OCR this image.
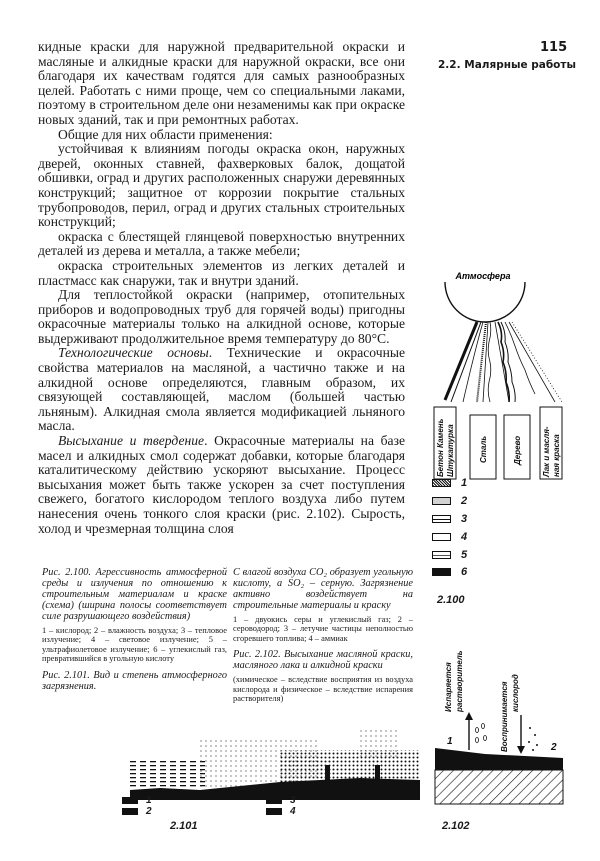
115
2.2. Малярные работы

кидные краски для наружной предварительной окраски и масляные и алкидные краски для наружной окраски, все они благодаря их качествам годятся для самых разнообразных целей. Работать с ними проще, чем со специальными лаками, поэтому в строительном деле они незаменимы как при окраске новых зданий, так и при ремонтных работах.

Общие для них области применения:

устойчивая к влияниям погоды окраска окон, наружных дверей, оконных ставней, фахверковых балок, дощатой обшивки, оград и других расположенных снаружи деревянных конструкций; защитное от коррозии покрытие стальных трубопроводов, перил, оград и других стальных строительных конструкций;

окраска с блестящей глянцевой поверхностью внутренних деталей из дерева и металла, а также мебели;

окраска строительных элементов из легких деталей и пластмасс как снаружи, так и внутри зданий.

Для теплостойкой окраски (например, отопительных приборов и водопроводных труб для горячей воды) пригодны окрасочные материалы только на алкидной основе, которые выдерживают продолжительное время температуру до 80°С.

Технологические основы. Технические и окрасочные свойства материалов на масляной, а частично также и на алкидной основе определяются, главным образом, их связующей составляющей, маслом (большей частью льняным). Алкидная смола является модификацией льняного масла.

Высыхание и твердение. Окрасочные материалы на базе масел и алкидных смол содержат добавки, которые благодаря каталитическому действию ускоряют высыхание. Процесс высыхания может быть также ускорен за счет поступления свежего, богатого кислородом теплого воздуха либо путем нанесения очень тонкого слоя краски (рис. 2.102). Сырость, холод и чрезмерная толщина слоя

Атмосфера
Бетон Камень Штукатурка	Сталь	Дерево	Лак и масля- ная краска
1
2
3
4
5
6
2.100
Рис. 2.100. Агрессивность атмосферной среды и излучения по отношению к строительным материалам и краске (схема) (ширина полосы соответствует силе разрушающего воздействия)
1 – кислород; 2 – влажность воздуха; 3 – тепловое излучение; 4 – световое излучение; 5 – ультрафиолетовое излучение; 6 – углекислый газ, превратившийся в угольную кислоту
Рис. 2.101. Вид и степень атмосферного загрязнения.
С влагой воздуха CO₂ образует угольную кислоту, а SO₂ – серную. Загрязнение активно воздействует на строительные материалы и краску
1 – двуокись серы и углекислый газ; 2 – сероводород; 3 – летучие частицы неполностью сгоревшего топлива; 4 – аммиак
Рис. 2.102. Высыхание масляной краски, масляного лака и алкидной краски
(химическое – вследствие восприятия из воздуха кислорода и физическое – вследствие испарения растворителя)
1
2
3
4
2.101
Испаряется растворитель
Воспринимается кислород
1
2
2.102
